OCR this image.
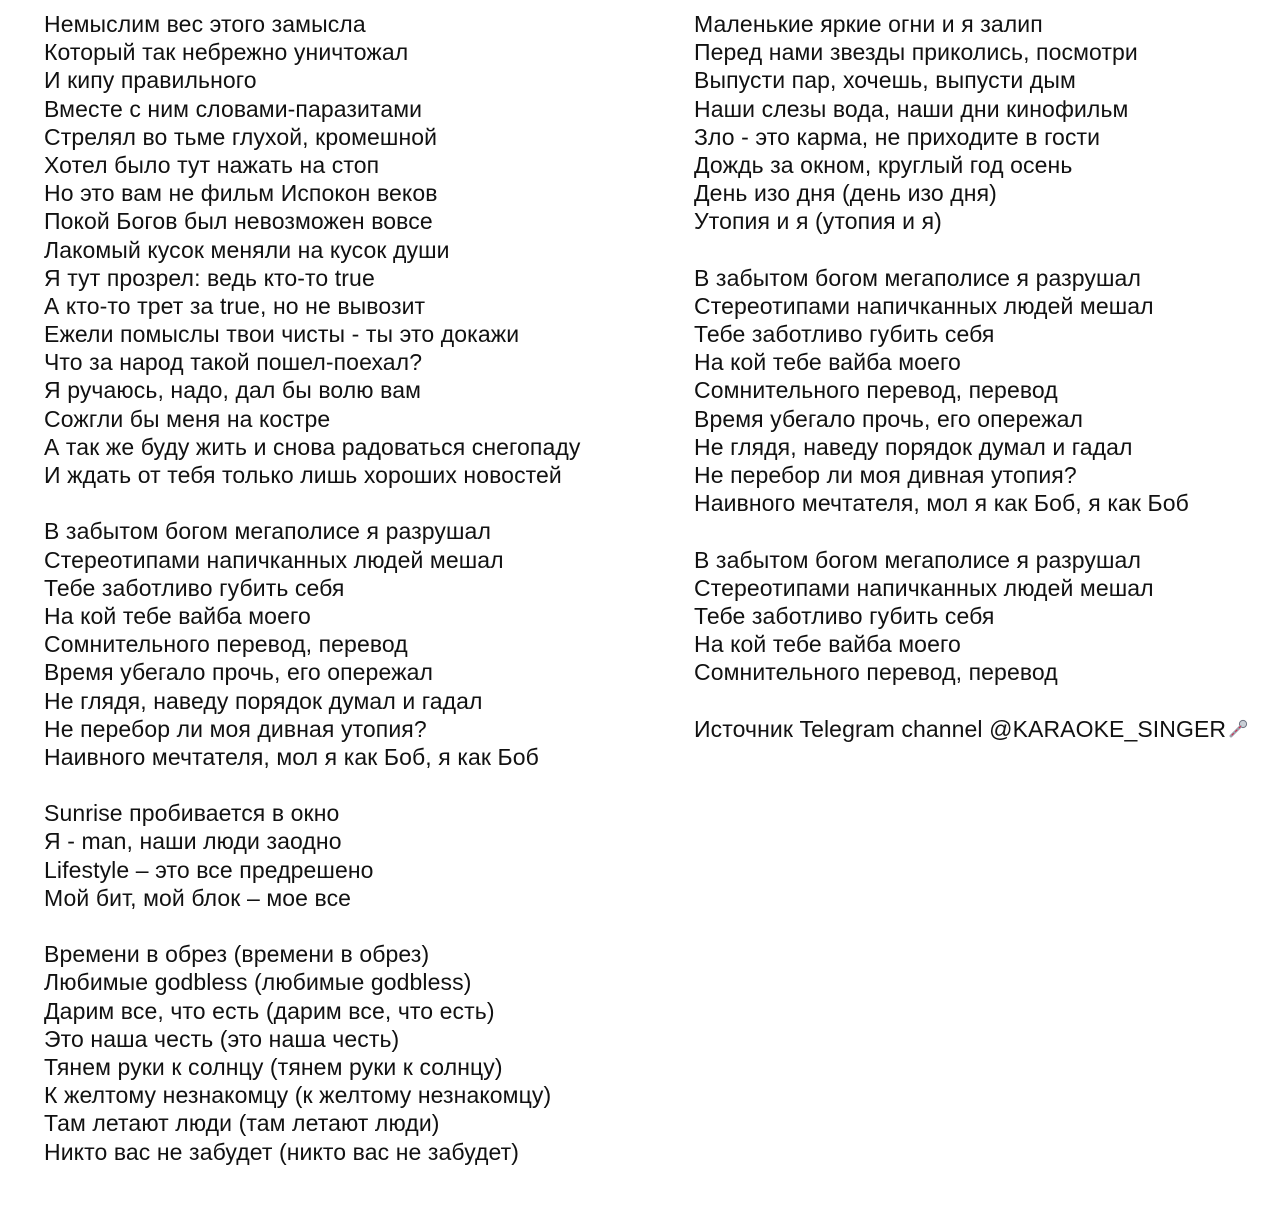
Немыслим вес этого замысла
Который так небрежно уничтожал
И кипу правильного
Вместе с ним словами-паразитами
Стрелял во тьме глухой, кромешной
Хотел было тут нажать на стоп
Но это вам не фильм Испокон веков
Покой Богов был невозможен вовсе
Лакомый кусок меняли на кусок души
Я тут прозрел: ведь кто-то true
А кто-то трет за true, но не вывозит
Ежели помыслы твои чисты - ты это докажи
Что за народ такой пошел-поехал?
Я ручаюсь, надо, дал бы волю вам
Сожгли бы меня на костре
А так же буду жить и снова радоваться снегопаду
И ждать от тебя только лишь хороших новостей
В забытом богом мегаполисе я разрушал
Стереотипами напичканных людей мешал
Тебе заботливо губить себя
На кой тебе вайба моего
Сомнительного перевод, перевод
Время убегало прочь, его опережал
Не глядя, наведу порядок думал и гадал
Не перебор ли моя дивная утопия?
Наивного мечтателя, мол я как Боб, я как Боб
Sunrise пробивается в окно
Я - man, наши люди заодно
Lifestyle – это все предрешено
Мой бит, мой блок – мое все
Времени в обрез (времени в обрез)
Любимые godbless (любимые godbless)
Дарим все, что есть (дарим все, что есть)
Это наша честь (это наша честь)
Тянем руки к солнцу (тянем руки к солнцу)
К желтому незнакомцу (к желтому незнакомцу)
Там летают люди (там летают люди)
Никто вас не забудет (никто вас не забудет)
Маленькие яркие огни и я залип
Перед нами звезды приколись, посмотри
Выпусти пар, хочешь, выпусти дым
Наши слезы вода, наши дни кинофильм
Зло - это карма, не приходите в гости
Дождь за окном, круглый год осень
День изо дня (день изо дня)
Утопия и я (утопия и я)
В забытом богом мегаполисе я разрушал
Стереотипами напичканных людей мешал
Тебе заботливо губить себя
На кой тебе вайба моего
Сомнительного перевод, перевод
Время убегало прочь, его опережал
Не глядя, наведу порядок думал и гадал
Не перебор ли моя дивная утопия?
Наивного мечтателя, мол я как Боб, я как Боб
В забытом богом мегаполисе я разрушал
Стереотипами напичканных людей мешал
Тебе заботливо губить себя
На кой тебе вайба моего
Сомнительного перевод, перевод
Источник Telegram channel @KARAOKE_SINGER
